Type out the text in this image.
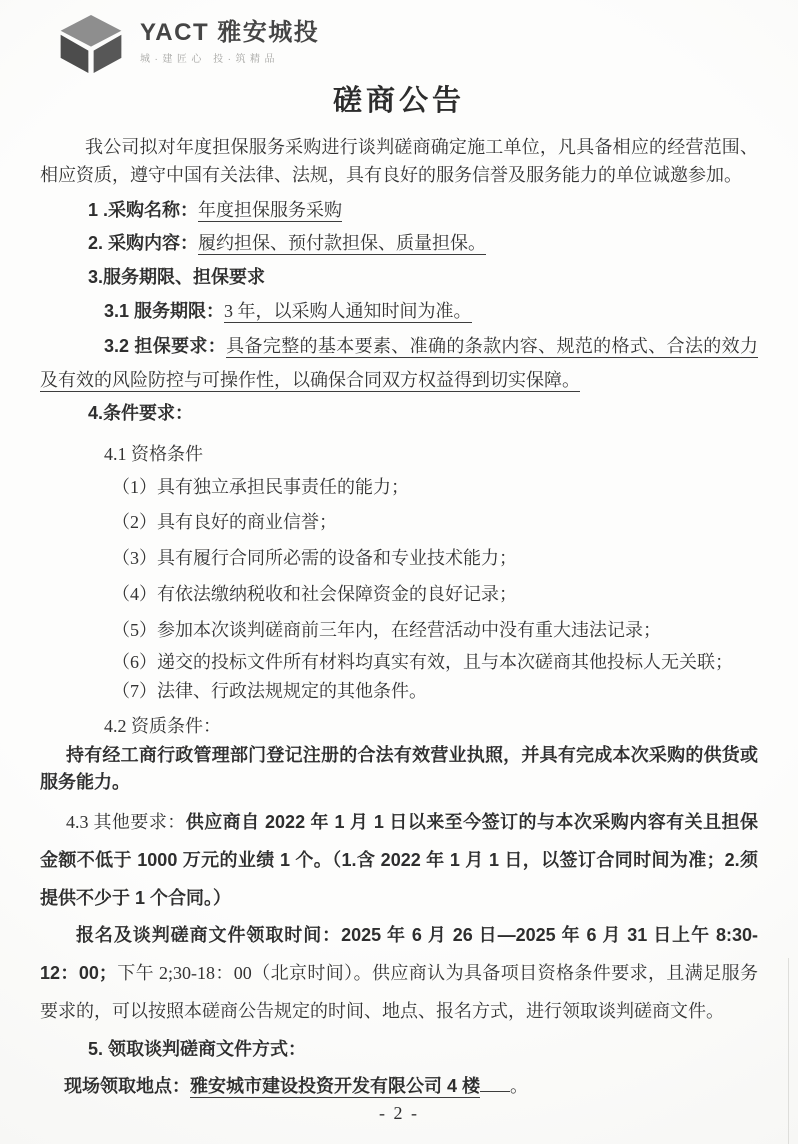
YACT 雅安城投
城·建匠心 投·筑精品
磋商公告

我公司拟对年度担保服务采购进行谈判磋商确定施工单位，凡具备相应的经营范围、相应资质，遵守中国有关法律、法规，具有良好的服务信誉及服务能力的单位诚邀参加。

1 .采购名称：年度担保服务采购

2. 采购内容：履约担保、预付款担保、质量担保。

3.服务期限、担保要求

3.1 服务期限：3 年，以采购人通知时间为准。

3.2 担保要求：具备完整的基本要素、准确的条款内容、规范的格式、合法的效力及有效的风险防控与可操作性，以确保合同双方权益得到切实保障。

4.条件要求：

4.1 资格条件

（1）具有独立承担民事责任的能力；

（2）具有良好的商业信誉；

（3）具有履行合同所必需的设备和专业技术能力；

（4）有依法缴纳税收和社会保障资金的良好记录；

（5）参加本次谈判磋商前三年内，在经营活动中没有重大违法记录；

（6）递交的投标文件所有材料均真实有效，且与本次磋商其他投标人无关联；

（7）法律、行政法规规定的其他条件。

4.2 资质条件：

持有经工商行政管理部门登记注册的合法有效营业执照，并具有完成本次采购的供货或服务能力。

4.3 其他要求：供应商自 2022 年 1 月 1 日以来至今签订的与本次采购内容有关且担保金额不低于 1000 万元的业绩 1 个。（1.含 2022 年 1 月 1 日，以签订合同时间为准；2.须提供不少于 1 个合同。）

报名及谈判磋商文件领取时间：2025 年 6 月 26 日—2025 年 6 月 31 日上午 8:30-12：00；下午 2;30-18：00（北京时间）。供应商认为具备项目资格条件要求，且满足服务要求的，可以按照本磋商公告规定的时间、地点、报名方式，进行领取谈判磋商文件。

5. 领取谈判磋商文件方式：

现场领取地点：雅安城市建设投资开发有限公司 4 楼 。

- 2 -
